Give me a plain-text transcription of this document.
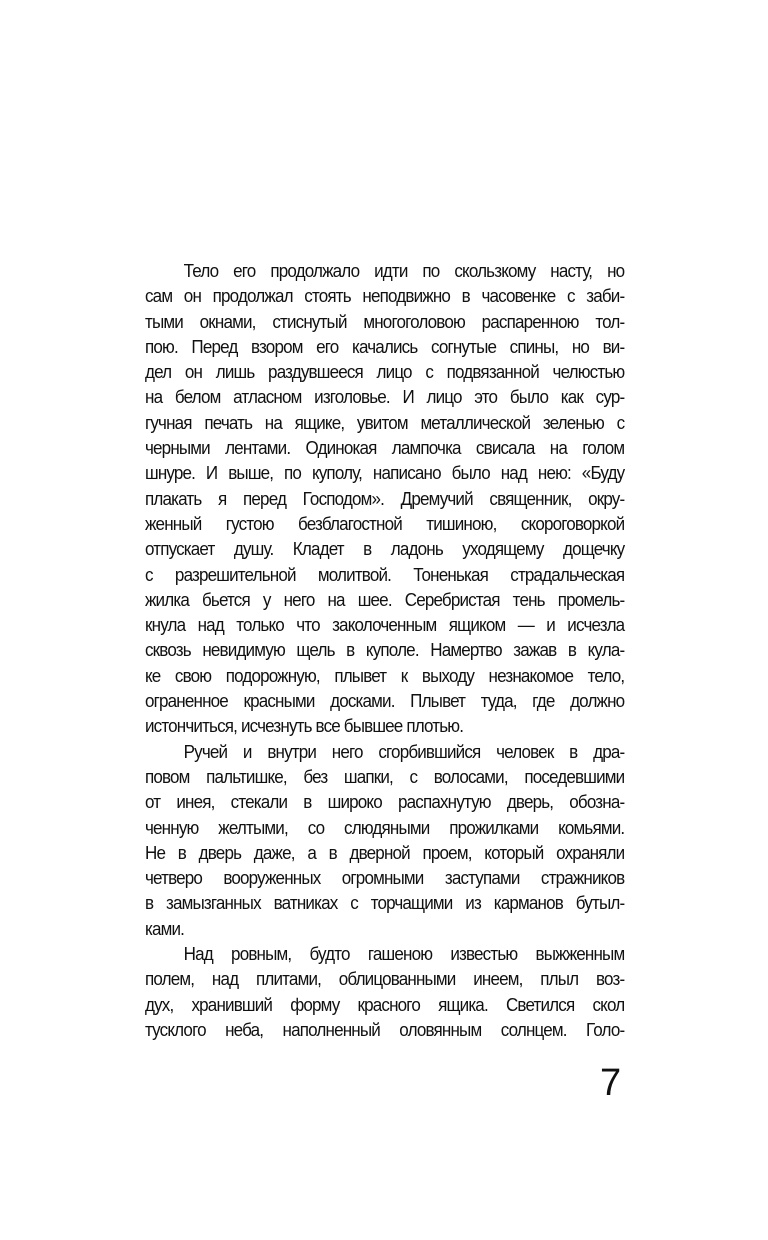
Тело его продолжало идти по скользкому насту, но
сам он продолжал стоять неподвижно в часовенке с заби-
тыми окнами, стиснутый многоголовою распаренною тол-
пою. Перед взором его качались согнутые спины, но ви-
дел он лишь раздувшееся лицо с подвязанной челюстью
на белом атласном изголовье. И лицо это было как сур-
гучная печать на ящике, увитом металлической зеленью с
черными лентами. Одинокая лампочка свисала на голом
шнуре. И выше, по куполу, написано было над нею: «Буду
плакать я перед Господом». Дремучий священник, окру-
женный густою безблагостной тишиною, скороговоркой
отпускает душу. Кладет в ладонь уходящему дощечку
с разрешительной молитвой. Тоненькая страдальческая
жилка бьется у него на шее. Серебристая тень промель-
кнула над только что заколоченным ящиком — и исчезла
сквозь невидимую щель в куполе. Намертво зажав в кула-
ке свою подорожную, плывет к выходу незнакомое тело,
ограненное красными досками. Плывет туда, где должно
истончиться, исчезнуть все бывшее плотью.
Ручей и внутри него сгорбившийся человек в дра-
повом пальтишке, без шапки, с волосами, поседевшими
от инея, стекали в широко распахнутую дверь, обозна-
ченную желтыми, со слюдяными прожилками комьями.
Не в дверь даже, а в дверной проем, который охраняли
четверо вооруженных огромными заступами стражников
в замызганных ватниках с торчащими из карманов бутыл-
ками.
Над ровным, будто гашеною известью выжженным
полем, над плитами, облицованными инеем, плыл воз-
дух, хранивший форму красного ящика. Светился скол
тусклого неба, наполненный оловянным солнцем. Голо-
7
